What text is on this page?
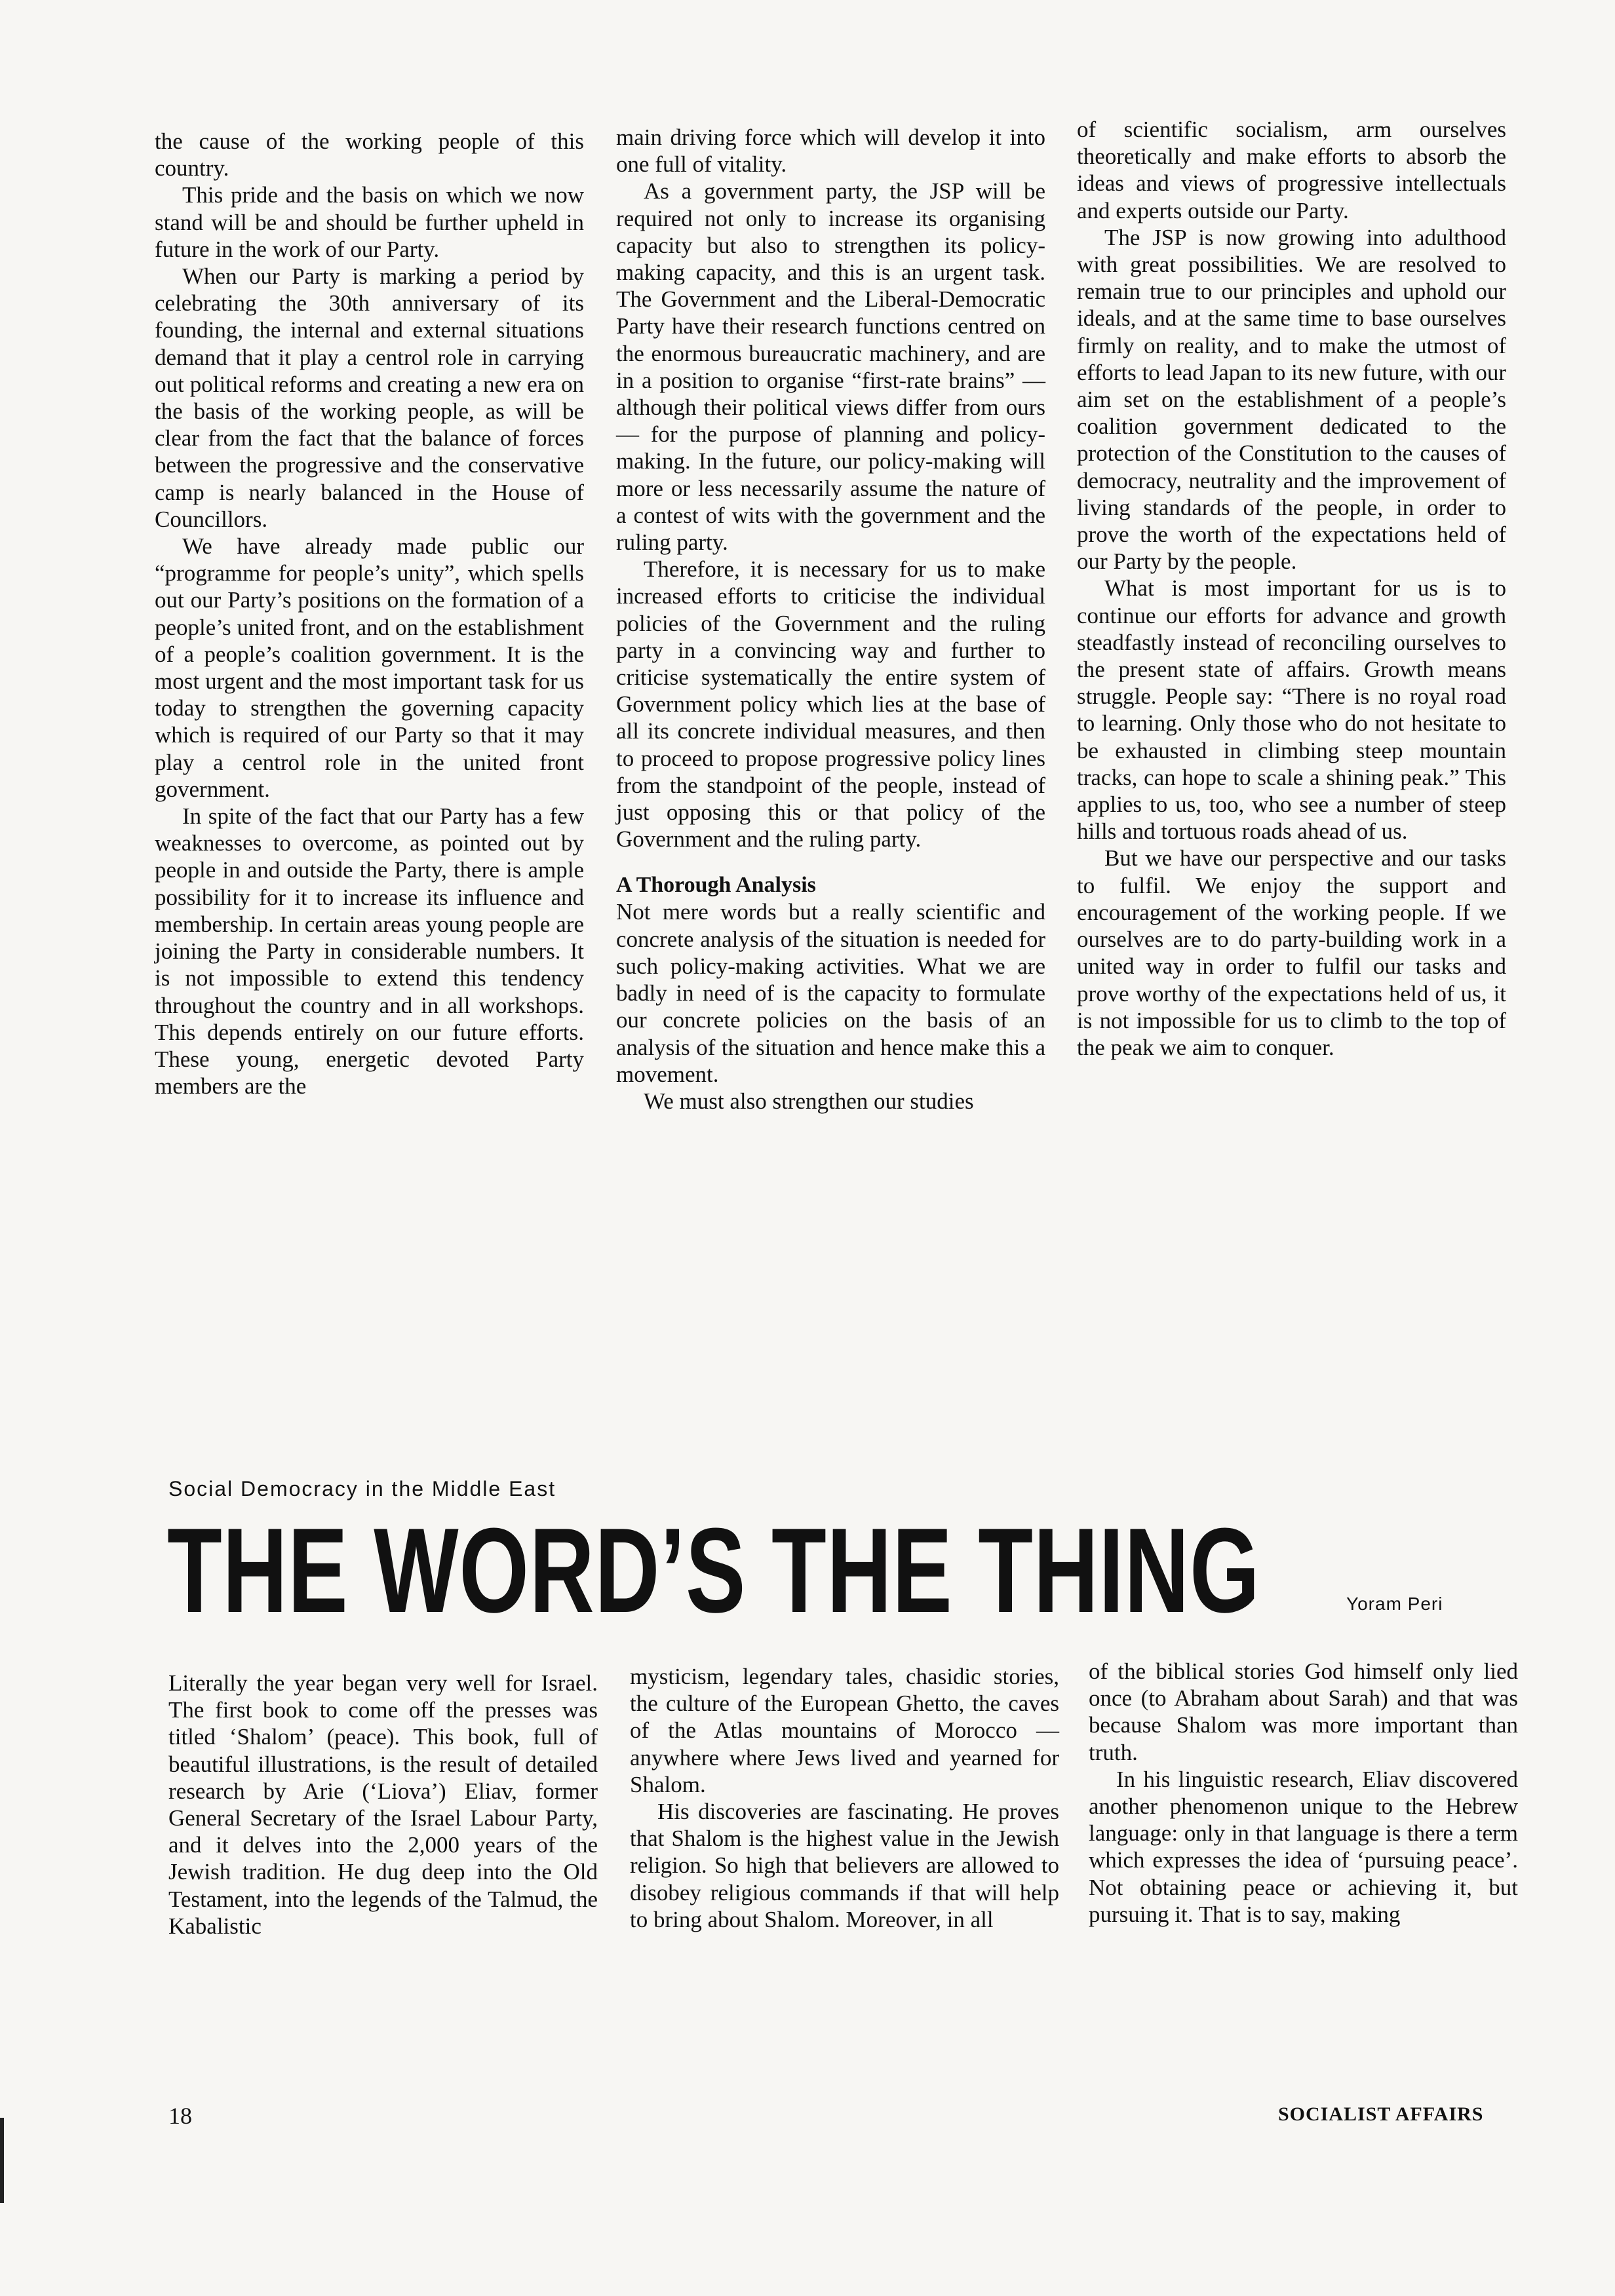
the cause of the working people of this country.

This pride and the basis on which we now stand will be and should be further upheld in future in the work of our Party.

When our Party is marking a period by celebrating the 30th anniversary of its founding, the internal and external situations demand that it play a centrol role in carrying out political reforms and creating a new era on the basis of the working people, as will be clear from the fact that the balance of forces between the progressive and the conservative camp is nearly balanced in the House of Councillors.

We have already made public our “programme for people’s unity”, which spells out our Party’s positions on the formation of a people’s united front, and on the establishment of a people’s coalition government. It is the most urgent and the most important task for us today to strengthen the governing capacity which is required of our Party so that it may play a centrol role in the united front government.

In spite of the fact that our Party has a few weaknesses to overcome, as pointed out by people in and outside the Party, there is ample possibility for it to increase its influence and membership. In certain areas young people are joining the Party in considerable numbers. It is not impossible to extend this tendency throughout the country and in all workshops. This depends entirely on our future efforts. These young, energetic devoted Party members are the

main driving force which will develop it into one full of vitality.

As a government party, the JSP will be required not only to increase its organising capacity but also to strengthen its policy-making capacity, and this is an urgent task. The Government and the Liberal-Democratic Party have their research functions centred on the enormous bureaucratic machinery, and are in a position to organise “first-rate brains” — although their political views differ from ours — for the purpose of planning and policy-making. In the future, our policy-making will more or less necessarily assume the nature of a contest of wits with the government and the ruling party.

Therefore, it is necessary for us to make increased efforts to criticise the individual policies of the Government and the ruling party in a convincing way and further to criticise systematically the entire system of Government policy which lies at the base of all its concrete individual measures, and then to proceed to propose progressive policy lines from the standpoint of the people, instead of just opposing this or that policy of the Government and the ruling party.

A Thorough Analysis

Not mere words but a really scientific and concrete analysis of the situation is needed for such policy-making activities. What we are badly in need of is the capacity to formulate our concrete policies on the basis of an analysis of the situation and hence make this a movement.

We must also strengthen our studies

of scientific socialism, arm ourselves theoretically and make efforts to absorb the ideas and views of progressive intellectuals and experts outside our Party.

The JSP is now growing into adulthood with great possibilities. We are resolved to remain true to our principles and uphold our ideals, and at the same time to base ourselves firmly on reality, and to make the utmost of efforts to lead Japan to its new future, with our aim set on the establishment of a people’s coalition government dedicated to the protection of the Constitution to the causes of democracy, neutrality and the improvement of living standards of the people, in order to prove the worth of the expectations held of our Party by the people.

What is most important for us is to continue our efforts for advance and growth steadfastly instead of reconciling ourselves to the present state of affairs. Growth means struggle. People say: “There is no royal road to learning. Only those who do not hesitate to be exhausted in climbing steep mountain tracks, can hope to scale a shining peak.” This applies to us, too, who see a number of steep hills and tortuous roads ahead of us.

But we have our perspective and our tasks to fulfil. We enjoy the support and encouragement of the working people. If we ourselves are to do party-building work in a united way in order to fulfil our tasks and prove worthy of the expectations held of us, it is not impossible for us to climb to the top of the peak we aim to conquer.

Social Democracy in the Middle East
THE WORD’S THE THING	Yoram Peri

Literally the year began very well for Israel. The first book to come off the presses was titled ‘Shalom’ (peace). This book, full of beautiful illustrations, is the result of detailed research by Arie (‘Liova’) Eliav, former General Secretary of the Israel Labour Party, and it delves into the 2,000 years of the Jewish tradition. He dug deep into the Old Testament, into the legends of the Talmud, the Kabalistic

mysticism, legendary tales, chasidic stories, the culture of the European Ghetto, the caves of the Atlas mountains of Morocco — anywhere where Jews lived and yearned for Shalom.

His discoveries are fascinating. He proves that Shalom is the highest value in the Jewish religion. So high that believers are allowed to disobey religious commands if that will help to bring about Shalom. Moreover, in all

of the biblical stories God himself only lied once (to Abraham about Sarah) and that was because Shalom was more important than truth.

In his linguistic research, Eliav discovered another phenomenon unique to the Hebrew language: only in that language is there a term which expresses the idea of ‘pursuing peace’. Not obtaining peace or achieving it, but pursuing it. That is to say, making

18	SOCIALIST AFFAIRS
